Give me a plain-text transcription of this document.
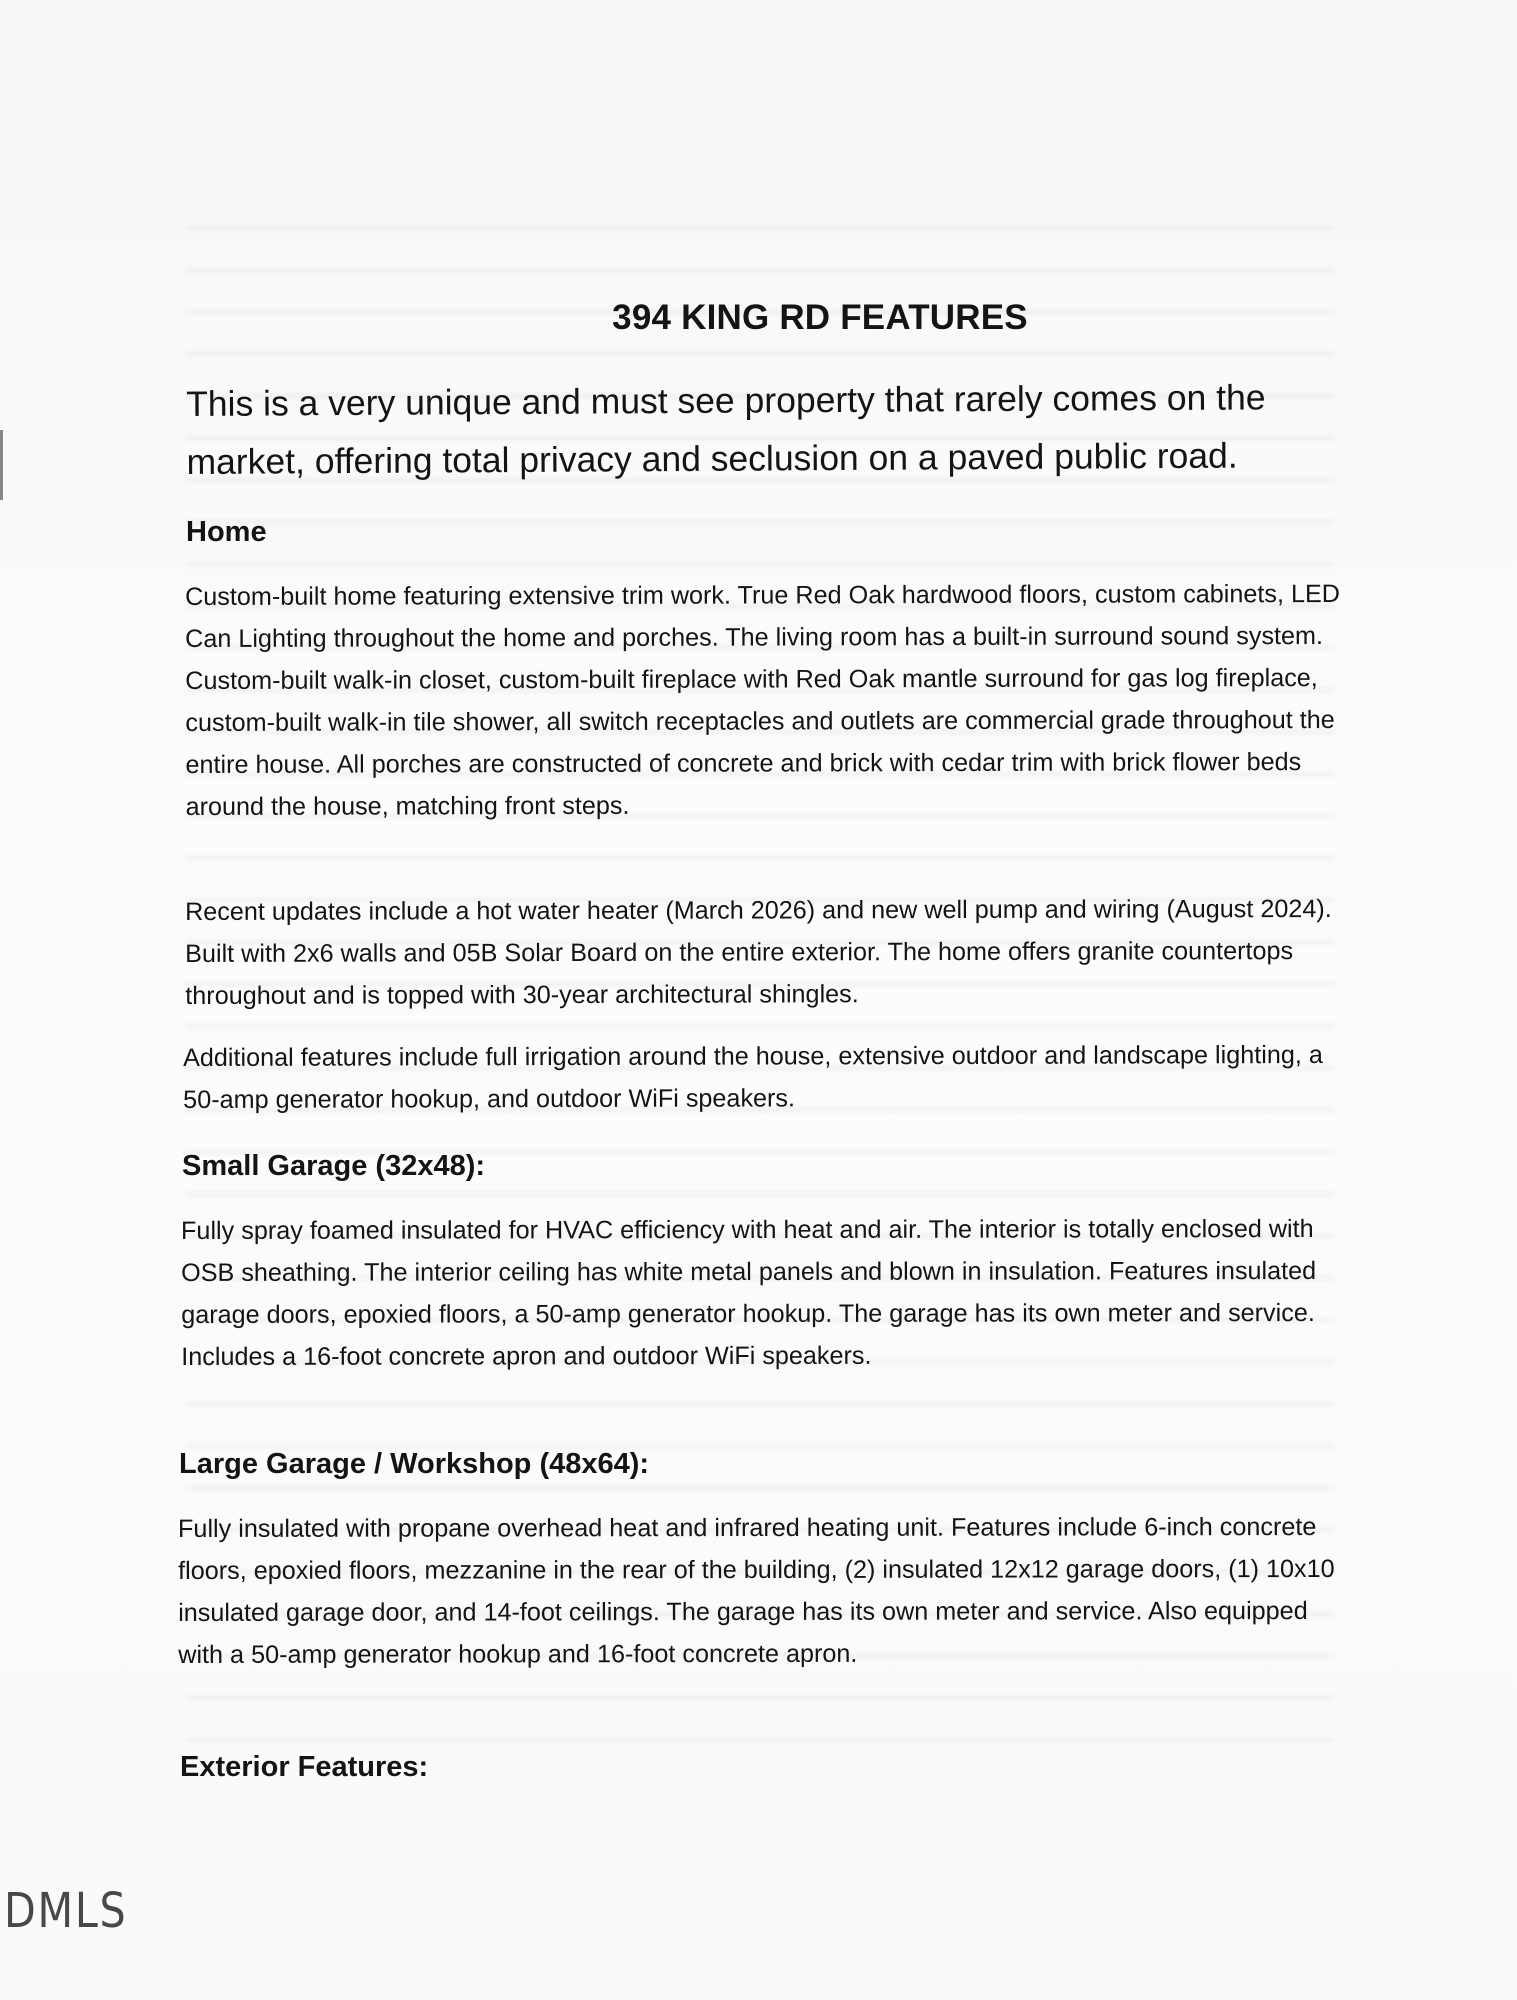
394 KING RD FEATURES

This is a very unique and must see property that rarely comes on the market, offering total privacy and seclusion on a paved public road.

Home

Custom-built home featuring extensive trim work. True Red Oak hardwood floors, custom cabinets, LED Can Lighting throughout the home and porches. The living room has a built-in surround sound system. Custom-built walk-in closet, custom-built fireplace with Red Oak mantle surround for gas log fireplace, custom-built walk-in tile shower, all switch receptacles and outlets are commercial grade throughout the entire house. All porches are constructed of concrete and brick with cedar trim with brick flower beds around the house, matching front steps.

Recent updates include a hot water heater (March 2026) and new well pump and wiring (August 2024). Built with 2x6 walls and 05B Solar Board on the entire exterior. The home offers granite countertops throughout and is topped with 30-year architectural shingles.

Additional features include full irrigation around the house, extensive outdoor and landscape lighting, a 50-amp generator hookup, and outdoor WiFi speakers.

Small Garage (32x48):

Fully spray foamed insulated for HVAC efficiency with heat and air. The interior is totally enclosed with OSB sheathing. The interior ceiling has white metal panels and blown in insulation. Features insulated garage doors, epoxied floors, a 50-amp generator hookup. The garage has its own meter and service. Includes a 16-foot concrete apron and outdoor WiFi speakers.

Large Garage / Workshop (48x64):

Fully insulated with propane overhead heat and infrared heating unit. Features include 6-inch concrete floors, epoxied floors, mezzanine in the rear of the building, (2) insulated 12x12 garage doors, (1) 10x10 insulated garage door, and 14-foot ceilings. The garage has its own meter and service. Also equipped with a 50-amp generator hookup and 16-foot concrete apron.

Exterior Features:
DMLS
